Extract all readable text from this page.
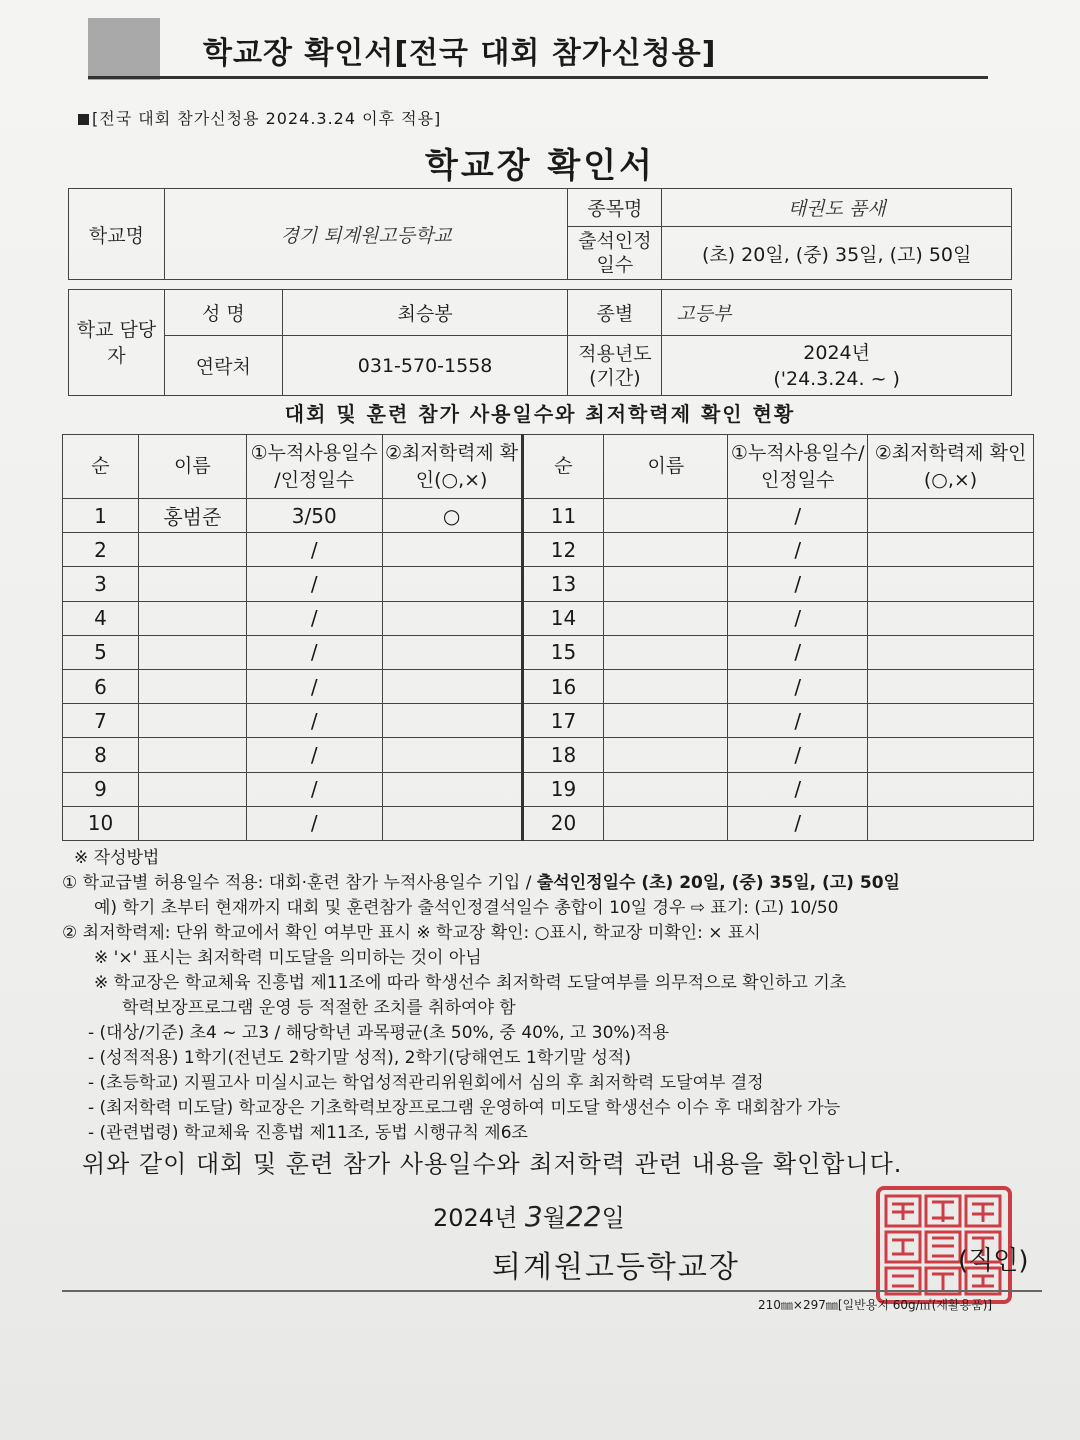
학교장 확인서[전국 대회 참가신청용]
[전국 대회 참가신청용 2024.3.24 이후 적용]
학교장 확인서
학교명	경기 퇴계원고등학교		종목명	태권도 품새
			출석인정 일수	(초) 20일, (중) 35일, (고) 50일

학교 담당자	성 명	최승봉	종별	고등부
	연락처	031-570-1558	적용년도 (기간)	2024년
('24.3.24. ~ )
대회 및 훈련 참가 사용일수와 최저학력제 확인 현황
순	이름	①누적사용일수 /인정일수	②최저학력제 확인(○,×)	순	이름	①누적사용일수/ 인정일수	②최저학력제 확인(○,×)
1	홍범준	3/50	○	11		/	
2		/		12		/	
3		/		13		/	
4		/		14		/	
5		/		15		/	
6		/		16		/	
7		/		17		/	
8		/		18		/	
9		/		19		/	
10		/		20		/	
※ 작성방법
① 학교급별 허용일수 적용: 대회·훈련 참가 누적사용일수 기입 / 출석인정일수 (초) 20일, (중) 35일, (고) 50일
예) 학기 초부터 현재까지 대회 및 훈련참가 출석인정결석일수 총합이 10일 경우 ⇨ 표기: (고) 10/50
② 최저학력제: 단위 학교에서 확인 여부만 표시 ※ 학교장 확인: ○표시, 학교장 미확인: × 표시
※ '×' 표시는 최저학력 미도달을 의미하는 것이 아님
※ 학교장은 학교체육 진흥법 제11조에 따라 학생선수 최저학력 도달여부를 의무적으로 확인하고 기초
학력보장프로그램 운영 등 적절한 조치를 취하여야 함
- (대상/기준) 초4 ~ 고3 / 해당학년 과목평균(초 50%, 중 40%, 고 30%)적용
- (성적적용) 1학기(전년도 2학기말 성적), 2학기(당해연도 1학기말 성적)
- (초등학교) 지필고사 미실시교는 학업성적관리위원회에서 심의 후 최저학력 도달여부 결정
- (최저학력 미도달) 학교장은 기초학력보장프로그램 운영하여 미도달 학생선수 이수 후 대회참가 가능
- (관련법령) 학교체육 진흥법 제11조, 동법 시행규칙 제6조
위와 같이 대회 및 훈련 참가 사용일수와 최저학력 관련 내용을 확인합니다.
2024년 3월22일
퇴계원고등학교장	(직인)
210㎜×297㎜[일반용지 60g/㎡(재활용품)]
